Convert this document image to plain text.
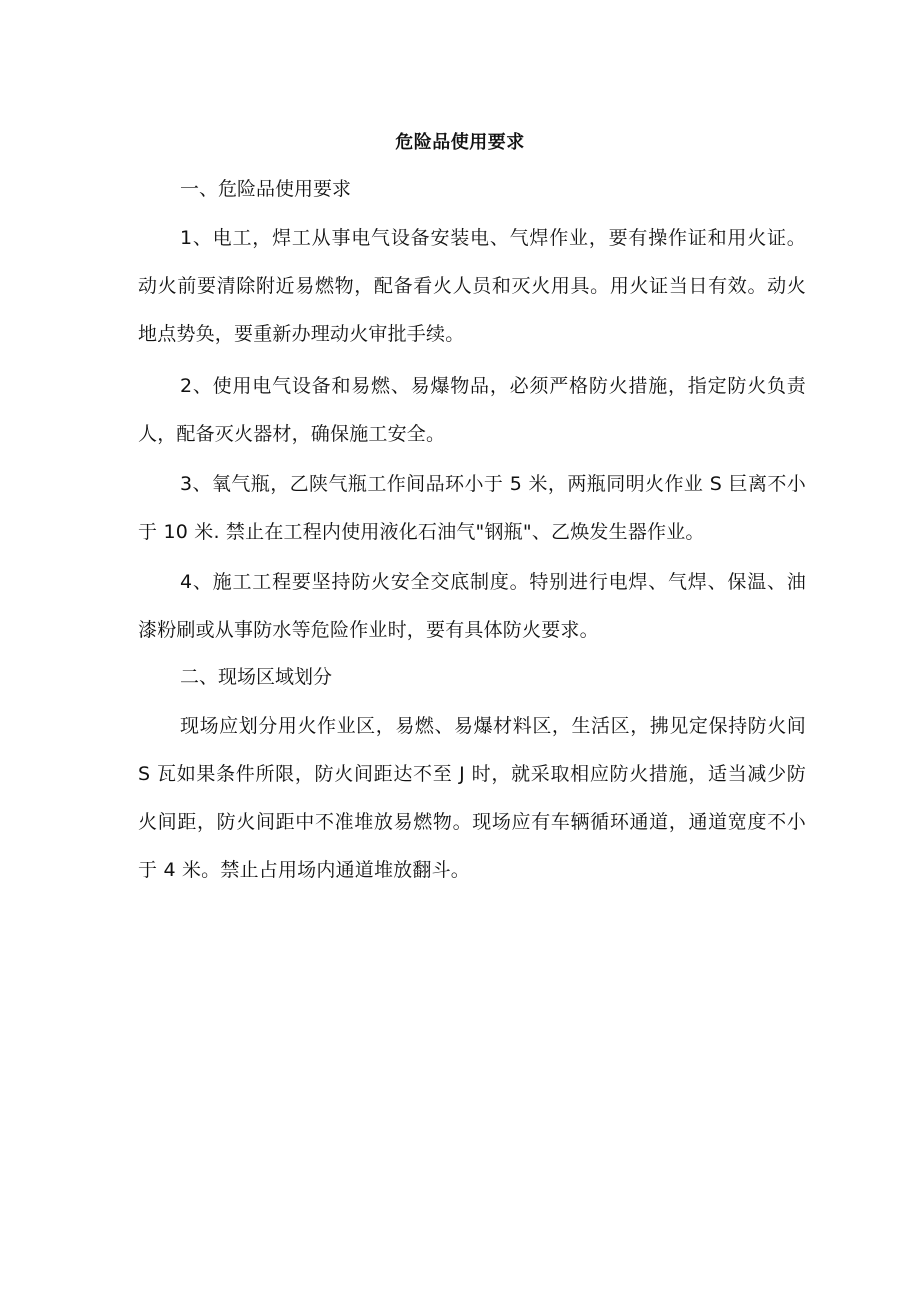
危险品使用要求
一、危险品使用要求
1、电工，焊工从事电气设备安装电、气焊作业，要有操作证和用火证。动火前要清除附近易燃物，配备看火人员和灭火用具。用火证当日有效。动火地点势奂，要重新办理动火审批手续。
2、使用电气设备和易燃、易爆物品，必须严格防火措施，指定防火负责人，配备灭火器材，确保施工安全。
3、氧气瓶，乙陕气瓶工作间品环小于 5 米，两瓶同明火作业 S 巨离不小于 10 米. 禁止在工程内使用液化石油气"钢瓶"、乙焕发生器作业。
4、施工工程要坚持防火安全交底制度。特别进行电焊、气焊、保温、油漆粉刷或从事防水等危险作业时，要有具体防火要求。
二、现场区域划分
现场应划分用火作业区，易燃、易爆材料区，生活区，拂见定保持防火间 S 瓦如果条件所限，防火间距达不至 J 时，就采取相应防火措施，适当减少防火间距，防火间距中不准堆放易燃物。现场应有车辆循环通道，通道宽度不小于 4 米。禁止占用场内通道堆放翻斗。
